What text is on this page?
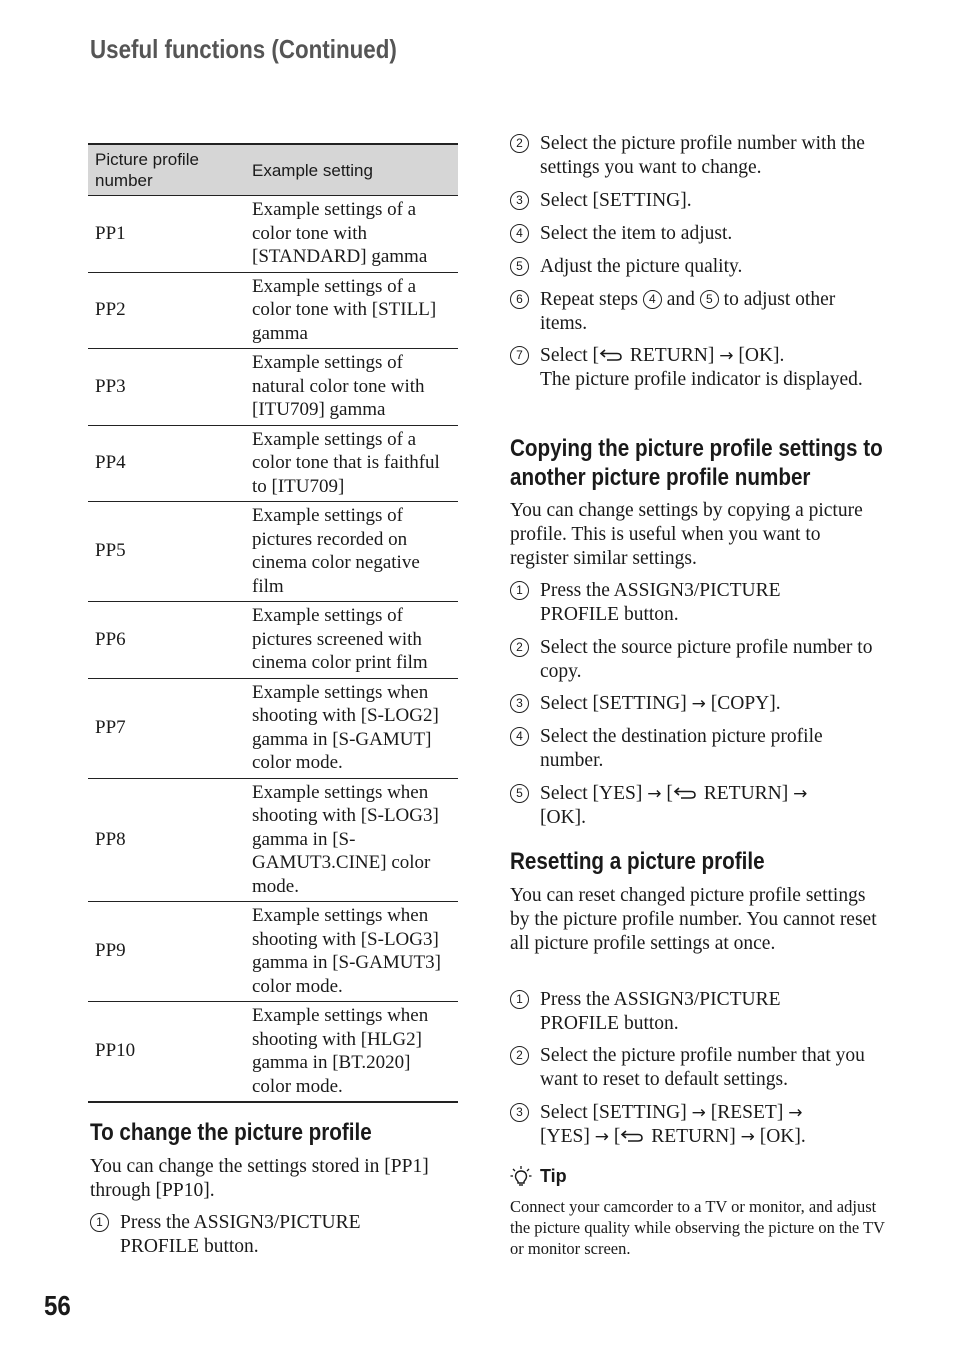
Useful functions (Continued)
Picture profile number	Example setting
PP1	Example settings of a color tone with [STANDARD] gamma
PP2	Example settings of a color tone with [STILL] gamma
PP3	Example settings of natural color tone with [ITU709] gamma
PP4	Example settings of a color tone that is faithful to [ITU709]
PP5	Example settings of pictures recorded on cinema color negative film
PP6	Example settings of pictures screened with cinema color print film
PP7	Example settings when shooting with [S-LOG2] gamma in [S-GAMUT] color mode.
PP8	Example settings when shooting with [S-LOG3] gamma in [S-GAMUT3.CINE] color mode.
PP9	Example settings when shooting with [S-LOG3] gamma in [S-GAMUT3] color mode.
PP10	Example settings when shooting with [HLG2] gamma in [BT.2020] color mode.
To change the picture profile
You can change the settings stored in [PP1] through [PP10].
1 Press the ASSIGN3/PICTURE PROFILE button.
2 Select the picture profile number with the settings you want to change.
3 Select [SETTING].
4 Select the item to adjust.
5 Adjust the picture quality.
6 Repeat steps 4 and 5 to adjust other items.
7 Select [ RETURN] → [OK].
The picture profile indicator is displayed.
Copying the picture profile settings to
another picture profile number
You can change settings by copying a picture profile. This is useful when you want to register similar settings.
1 Press the ASSIGN3/PICTURE PROFILE button.
2 Select the source picture profile number to copy.
3 Select [SETTING] → [COPY].
4 Select the destination picture profile number.
5 Select [YES] → [ RETURN] →
[OK].
Resetting a picture profile
You can reset changed picture profile settings by the picture profile number. You cannot reset all picture profile settings at once.
1 Press the ASSIGN3/PICTURE PROFILE button.
2 Select the picture profile number that you want to reset to default settings.
3 Select [SETTING] → [RESET] →
[YES] → [ RETURN] → [OK].
Tip
Connect your camcorder to a TV or monitor, and adjust the picture quality while observing the picture on the TV or monitor screen.
56
